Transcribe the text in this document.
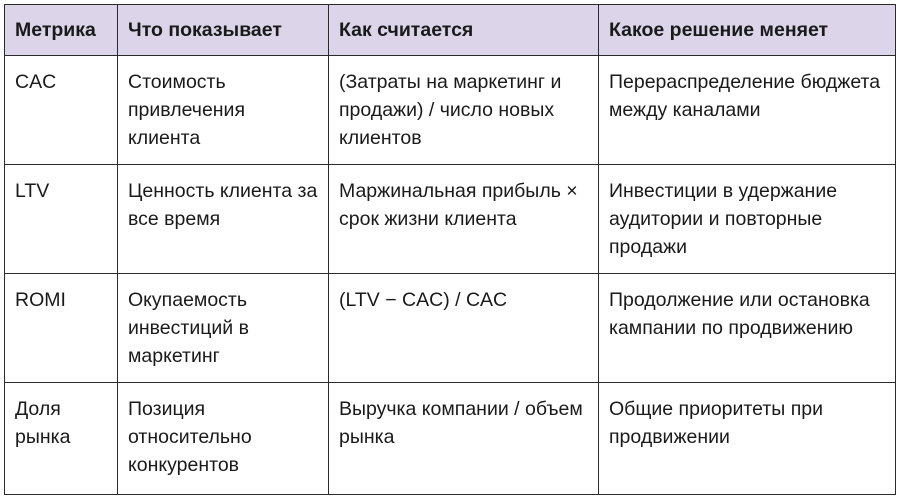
Метрика	Что показывает	Как считается	Какое решение меняет
CAC	Стоимость привлечения клиента	(Затраты на маркетинг и продажи) / число новых клиентов	Перераспределение бюджета между каналами
LTV	Ценность клиента за все время	Маржинальная прибыль × срок жизни клиента	Инвестиции в удержание аудитории и повторные продажи
ROMI	Окупаемость инвестиций в маркетинг	(LTV − CAC) / CAC	Продолжение или остановка кампании по продвижению
Доля рынка	Позиция относительно конкурентов	Выручка компании / объем рынка	Общие приоритеты при продвижении
